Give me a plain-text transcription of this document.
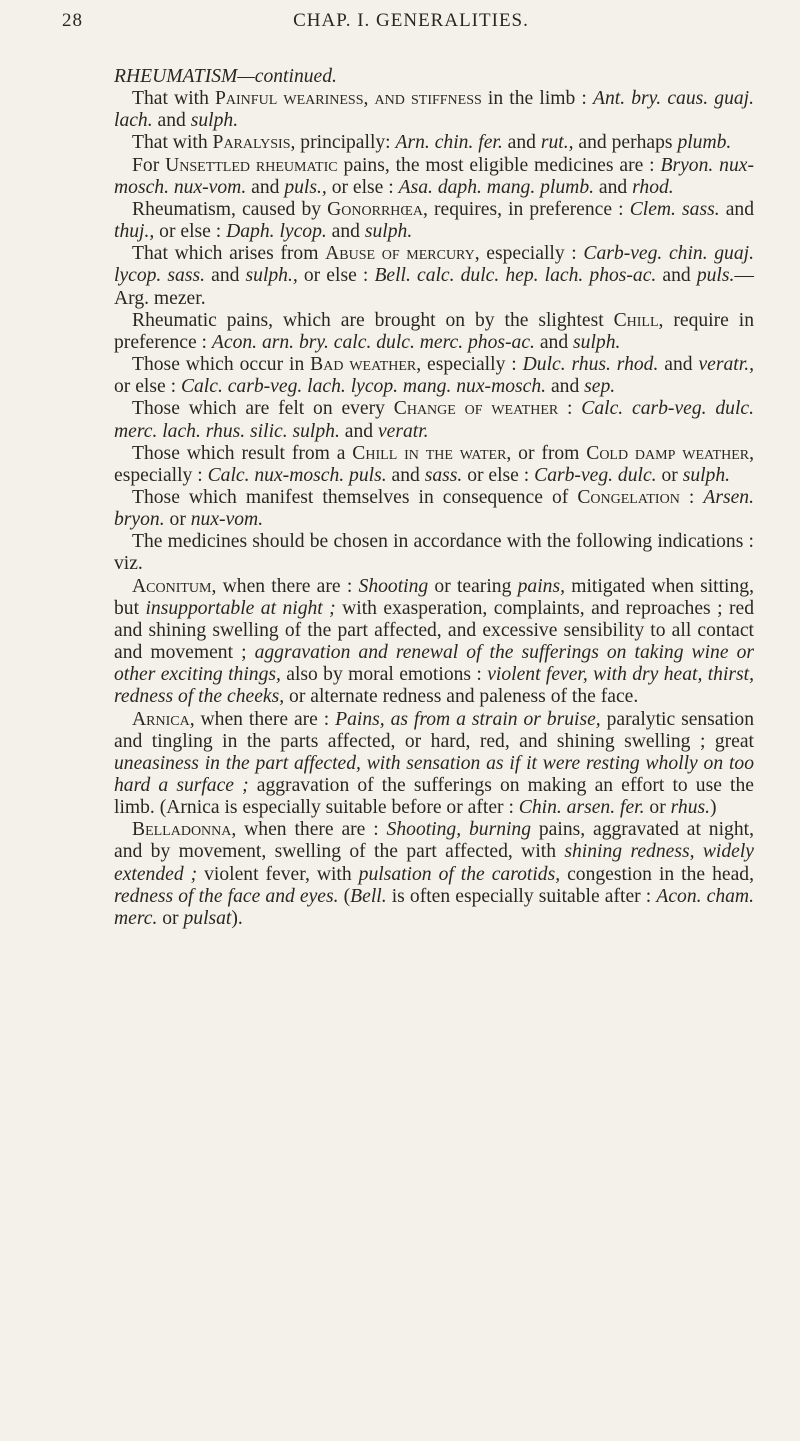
28	CHAP. I. GENERALITIES.

RHEUMATISM—continued.

That with Painful weariness, and stiffness in the limb : Ant. bry. caus. guaj. lach. and sulph.

That with Paralysis, principally: Arn. chin. fer. and rut., and perhaps plumb.

For Unsettled rheumatic pains, the most eligible medicines are : Bryon. nux-mosch. nux-vom. and puls., or else : Asa. daph. mang. plumb. and rhod.

Rheumatism, caused by Gonorrhœa, requires, in preference : Clem. sass. and thuj., or else : Daph. lycop. and sulph.

That which arises from Abuse of mercury, especially : Carb-veg. chin. guaj. lycop. sass. and sulph., or else : Bell. calc. dulc. hep. lach. phos-ac. and puls.—Arg. mezer.

Rheumatic pains, which are brought on by the slightest Chill, require in preference : Acon. arn. bry. calc. dulc. merc. phos-ac. and sulph.

Those which occur in Bad weather, especially : Dulc. rhus. rhod. and veratr., or else : Calc. carb-veg. lach. lycop. mang. nux-mosch. and sep.

Those which are felt on every Change of weather : Calc. carb-veg. dulc. merc. lach. rhus. silic. sulph. and veratr.

Those which result from a Chill in the water, or from Cold damp weather, especially : Calc. nux-mosch. puls. and sass. or else : Carb-veg. dulc. or sulph.

Those which manifest themselves in consequence of Congelation : Arsen. bryon. or nux-vom.

The medicines should be chosen in accordance with the following indications : viz.

Aconitum, when there are : Shooting or tearing pains, mitigated when sitting, but insupportable at night ; with exasperation, complaints, and reproaches ; red and shining swelling of the part affected, and excessive sensibility to all contact and movement ; aggravation and renewal of the sufferings on taking wine or other exciting things, also by moral emotions : violent fever, with dry heat, thirst, redness of the cheeks, or alternate redness and paleness of the face.

Arnica, when there are : Pains, as from a strain or bruise, paralytic sensation and tingling in the parts affected, or hard, red, and shining swelling ; great uneasiness in the part affected, with sensation as if it were resting wholly on too hard a surface ; aggravation of the sufferings on making an effort to use the limb. (Arnica is especially suitable before or after : Chin. arsen. fer. or rhus.)

Belladonna, when there are : Shooting, burning pains, aggravated at night, and by movement, swelling of the part affected, with shining redness, widely extended ; violent fever, with pulsation of the carotids, congestion in the head, redness of the face and eyes. (Bell. is often especially suitable after : Acon. cham. merc. or pulsat).
